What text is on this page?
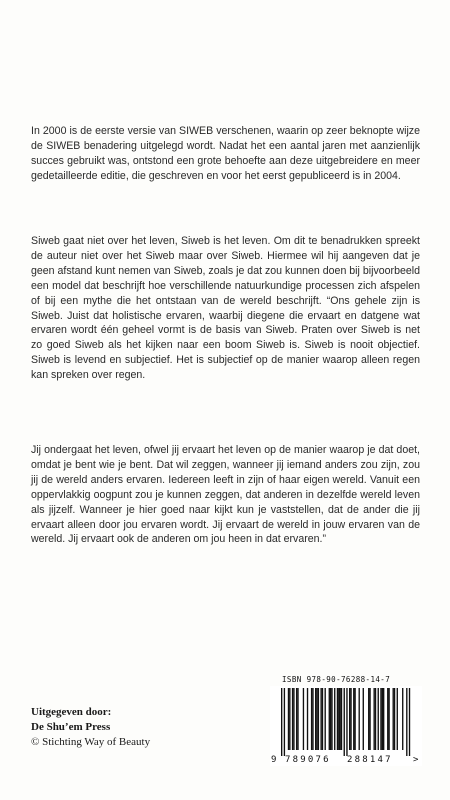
In 2000 is de eerste versie van SIWEB verschenen, waarin op zeer beknopte wijze de SIWEB benadering uitgelegd wordt. Nadat het een aantal jaren met aanzienlijk succes gebruikt was, ontstond een grote behoefte aan deze uitgebreidere en meer gedetailleerde editie, die geschreven en voor het eerst gepubliceerd is in 2004.
Siweb gaat niet over het leven, Siweb is het leven. Om dit te benadrukken spreekt de auteur niet over het Siweb maar over Siweb. Hiermee wil hij aangeven dat je geen afstand kunt nemen van Siweb, zoals je dat zou kunnen doen bij bijvoorbeeld een model dat beschrijft hoe verschillende natuurkundige processen zich afspelen of bij een mythe die het ontstaan van de wereld beschrijft. “Ons gehele zijn is Siweb. Juist dat holistische ervaren, waarbij diegene die ervaart en datgene wat ervaren wordt één geheel vormt is de basis van Siweb. Praten over Siweb is net zo goed Siweb als het kijken naar een boom Siweb is. Siweb is nooit objectief. Siweb is levend en subjectief. Het is subjectief op de manier waarop alleen regen kan spreken over regen.
Jij ondergaat het leven, ofwel jij ervaart het leven op de manier waarop je dat doet, omdat je bent wie je bent. Dat wil zeggen, wanneer jij iemand anders zou zijn, zou jij de wereld anders ervaren. Iedereen leeft in zijn of haar eigen wereld. Vanuit een oppervlakkig oogpunt zou je kunnen zeggen, dat anderen in dezelfde wereld leven als jijzelf. Wanneer je hier goed naar kijkt kun je vaststellen, dat de ander die jij ervaart alleen door jou ervaren wordt. Jij ervaart de wereld in jouw ervaren van de wereld. Jij ervaart ook de anderen om jou heen in dat ervaren.”
Uitgegeven door:
De Shu’em Press
© Stichting Way of Beauty
ISBN 978-90-76288-14-7
9 789076 288147 >
